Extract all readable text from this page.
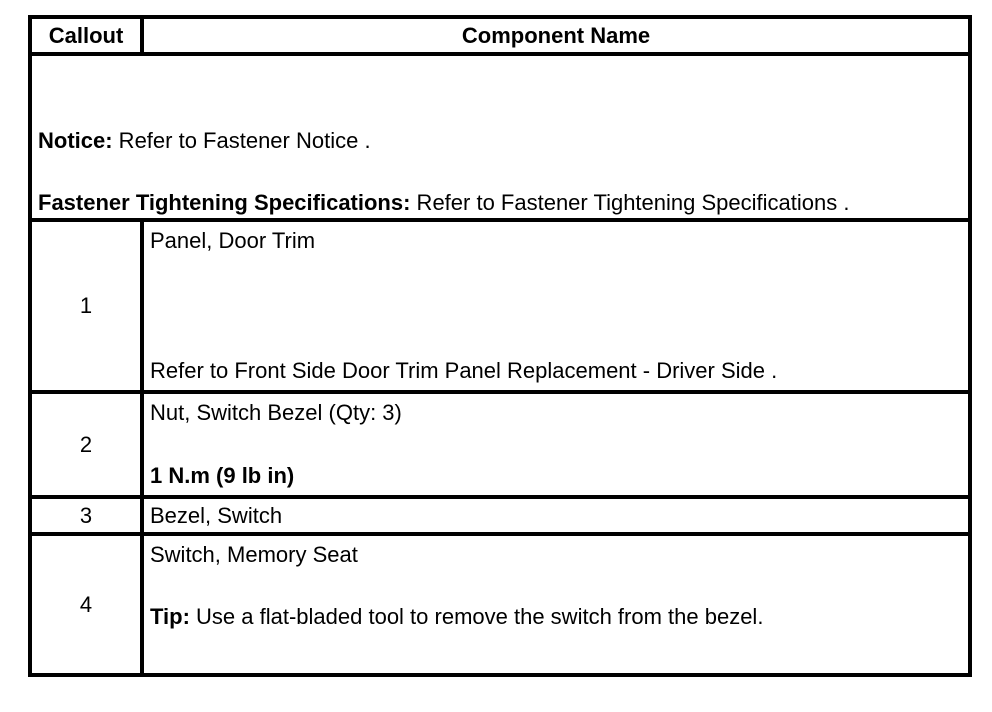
Callout	Component Name

Notice: Refer to Fastener Notice .

Fastener Tightening Specifications: Refer to Fastener Tightening Specifications .	

1	Panel, Door Trim
Refer to Front Side Door Trim Panel Replacement - Driver Side .

2	Nut, Switch Bezel (Qty: 3)
1 N.m (9 lb in)

3	Bezel, Switch

4	Switch, Memory Seat
Tip: Use a flat-bladed tool to remove the switch from the bezel.
